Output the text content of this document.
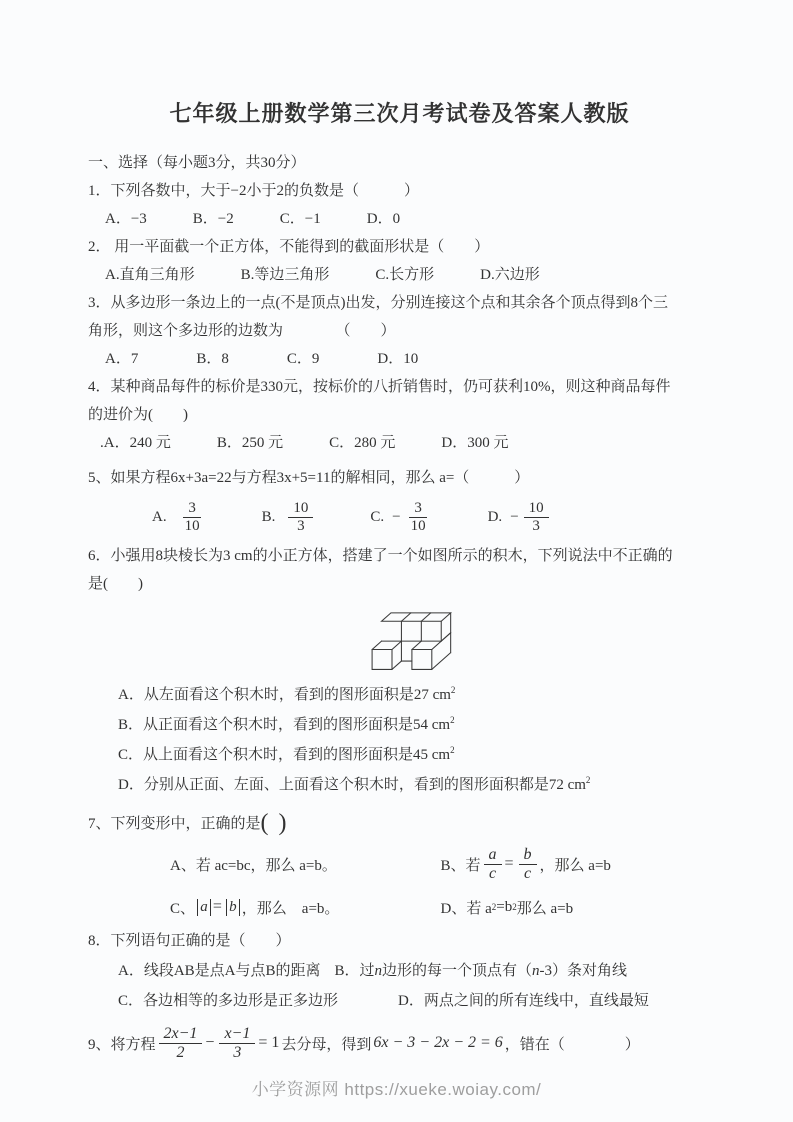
七年级上册数学第三次月考试卷及答案人教版
一、选择（每小题3分，共30分）
1．下列各数中，大于−2小于2的负数是（　　　）
A．−3	B．−2	C．−1	D．0
2． 用一平面截一个正方体，不能得到的截面形状是（　　）
A.直角三角形	B.等边三角形	C.长方形	D.六边形
3．从多边形一条边上的一点(不是顶点)出发，分别连接这个点和其余各个顶点得到8个三
角形，则这个多边形的边数为　　　　（　　）
A．7	B．8	C．9	D．10
4．某种商品每件的标价是330元，按标价的八折销售时，仍可获利10%，则这种商品每件
的进价为(　　)
.A．240 元	B．250 元	C．280 元	D．300 元
5、如果方程6x+3a=22与方程3x+5=11的解相同，那么 a=（　　　）
A. $\frac{3}{10}$	B. $\frac{10}{3}$	C. − $\frac{3}{10}$	D. − $\frac{10}{3}$
6．小强用8块棱长为3 cm的小正方体，搭建了一个如图所示的积木，下列说法中不正确的
是(　　)
A．从左面看这个积木时，看到的图形面积是27 $cm^2$
B．从正面看这个积木时，看到的图形面积是54 $cm^2$
C．从上面看这个积木时，看到的图形面积是45 $cm^2$
D．分别从正面、左面、上面看这个积木时，看到的图形面积都是72 $cm^2$
7、下列变形中，正确的是( )
A、若 ac=bc，那么 a=b。	B、若 $\frac{a}{c} = \frac{b}{c}$ ，那么 a=b
C、 a = b ，那么　a=b。	D、若 a 2 =b 2 那么 a=b
8．下列语句正确的是（　　）
A．线段AB是点A与点B的距离 B．过n边形的每一个顶点有（n-3）条对角线
C．各边相等的多边形是正多边形	D．两点之间的所有连线中，直线最短
9、将方程 $\frac{2x-1}{2} - \frac{x-1}{3} = 1$ 去分母，得到 6x − 3 − 2x − 2 = 6 ，错在（　　　　）
小学资源网 https://xueke.woiay.com/
